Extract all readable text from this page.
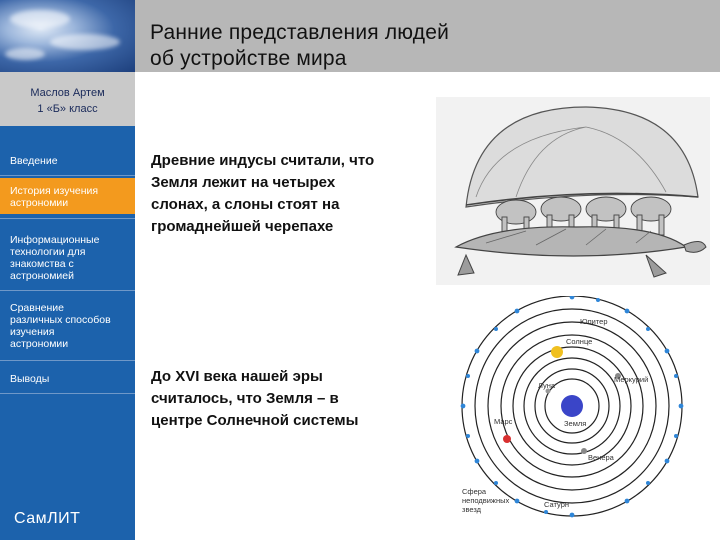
Ранние представления людей
об устройстве мира
Маслов Артем
1 «Б» класс
Введение
История изучения
астрономии
Информационные
технологии для
знакомства с
астрономией
Сравнение
различных способов
изучения
астрономии
Выводы
СамЛИТ
Древние индусы считали, что
Земля лежит на четырех
слонах, а слоны стоят на
громаднейшей черепахе
До XVI века нашей эры
считалось, что Земля – в
центре Солнечной системы
Юпитер
Солнце
Меркурий
Луна
Марс	Земля
Венера
Сфера
неподвижных
звезд
Сатурн
